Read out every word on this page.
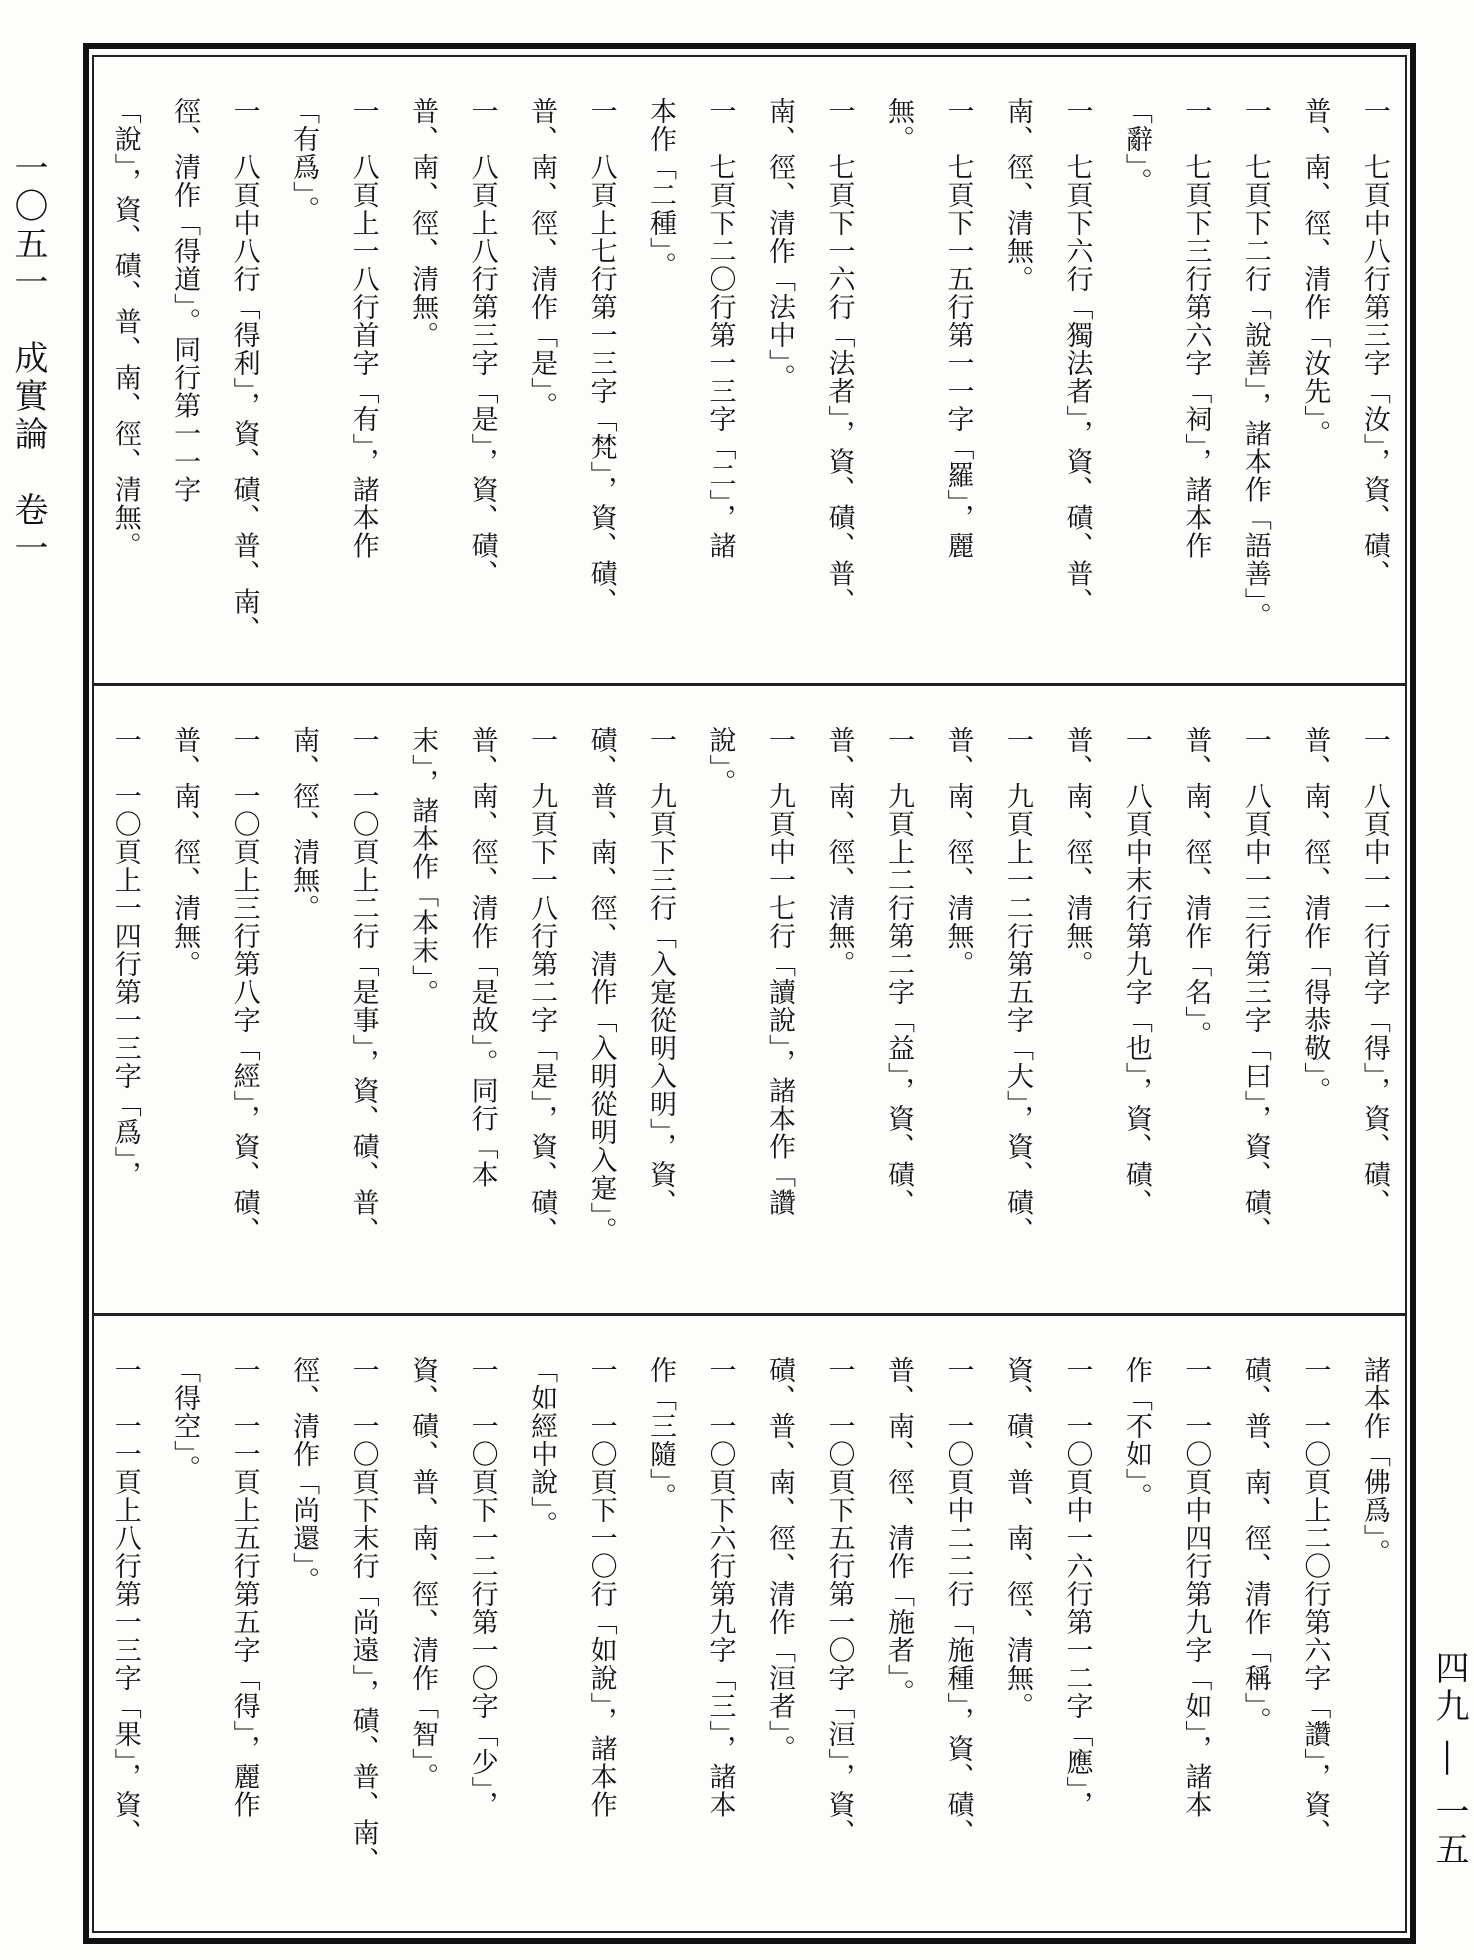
一〇五一　成實論　卷一
四九 ― 一五
一　七頁中八行第三字「汝」，資、磧、
普、南、徑、清作「汝先」。
一　七頁下二行「說善」，諸本作「語善」。
一　七頁下三行第六字「祠」，諸本作
「辭」。
一　七頁下六行「獨法者」，資、磧、普、
南、徑、清無。
一　七頁下一五行第一一字「羅」，麗
無。
一　七頁下一六行「法者」，資、磧、普、
南、徑、清作「法中」。
一　七頁下二〇行第一三字「二」，諸
本作「二種」。
一　八頁上七行第一三字「梵」，資、磧、
普、南、徑、清作「是」。
一　八頁上八行第三字「是」，資、磧、
普、南、徑、清無。
一　八頁上一八行首字「有」，諸本作
「有爲」。
一　八頁中八行「得利」，資、磧、普、南、
徑、清作「得道」。同行第一一字
「說」，資、磧、普、南、徑、清無。
一　八頁中一一行首字「得」，資、磧、
普、南、徑、清作「得恭敬」。
一　八頁中一三行第三字「曰」，資、磧、
普、南、徑、清作「名」。
一　八頁中末行第九字「也」，資、磧、
普、南、徑、清無。
一　九頁上一二行第五字「大」，資、磧、
普、南、徑、清無。
一　九頁上二行第二字「益」，資、磧、
普、南、徑、清無。
一　九頁中一七行「讀說」，諸本作「讚
說」。
一　九頁下三行「入寔從明入明」，資、
磧、普、南、徑、清作「入明從明入寔」。
一　九頁下一八行第二字「是」，資、磧、
普、南、徑、清作「是故」。同行「本
末」，諸本作「本末」。
一　一〇頁上二行「是事」，資、磧、普、
南、徑、清無。
一　一〇頁上三行第八字「經」，資、磧、
普、南、徑、清無。
一　一〇頁上一四行第一三字「爲」，
諸本作「佛爲」。
一　一〇頁上二〇行第六字「讚」，資、
磧、普、南、徑、清作「稱」。
一　一〇頁中四行第九字「如」，諸本
作「不如」。
一　一〇頁中一六行第一二字「應」，
資、磧、普、南、徑、清無。
一　一〇頁中二二行「施種」，資、磧、
普、南、徑、清作「施者」。
一　一〇頁下五行第一〇字「洹」，資、
磧、普、南、徑、清作「洹者」。
一　一〇頁下六行第九字「三」，諸本
作「三隨」。
一　一〇頁下一〇行「如說」，諸本作
「如經中說」。
一　一〇頁下一二行第一〇字「少」，
資、磧、普、南、徑、清作「智」。
一　一〇頁下末行「尚遠」，磧、普、南、
徑、清作「尚還」。
一　一一頁上五行第五字「得」，麗作
「得空」。
一　一一頁上八行第一三字「果」，資、
